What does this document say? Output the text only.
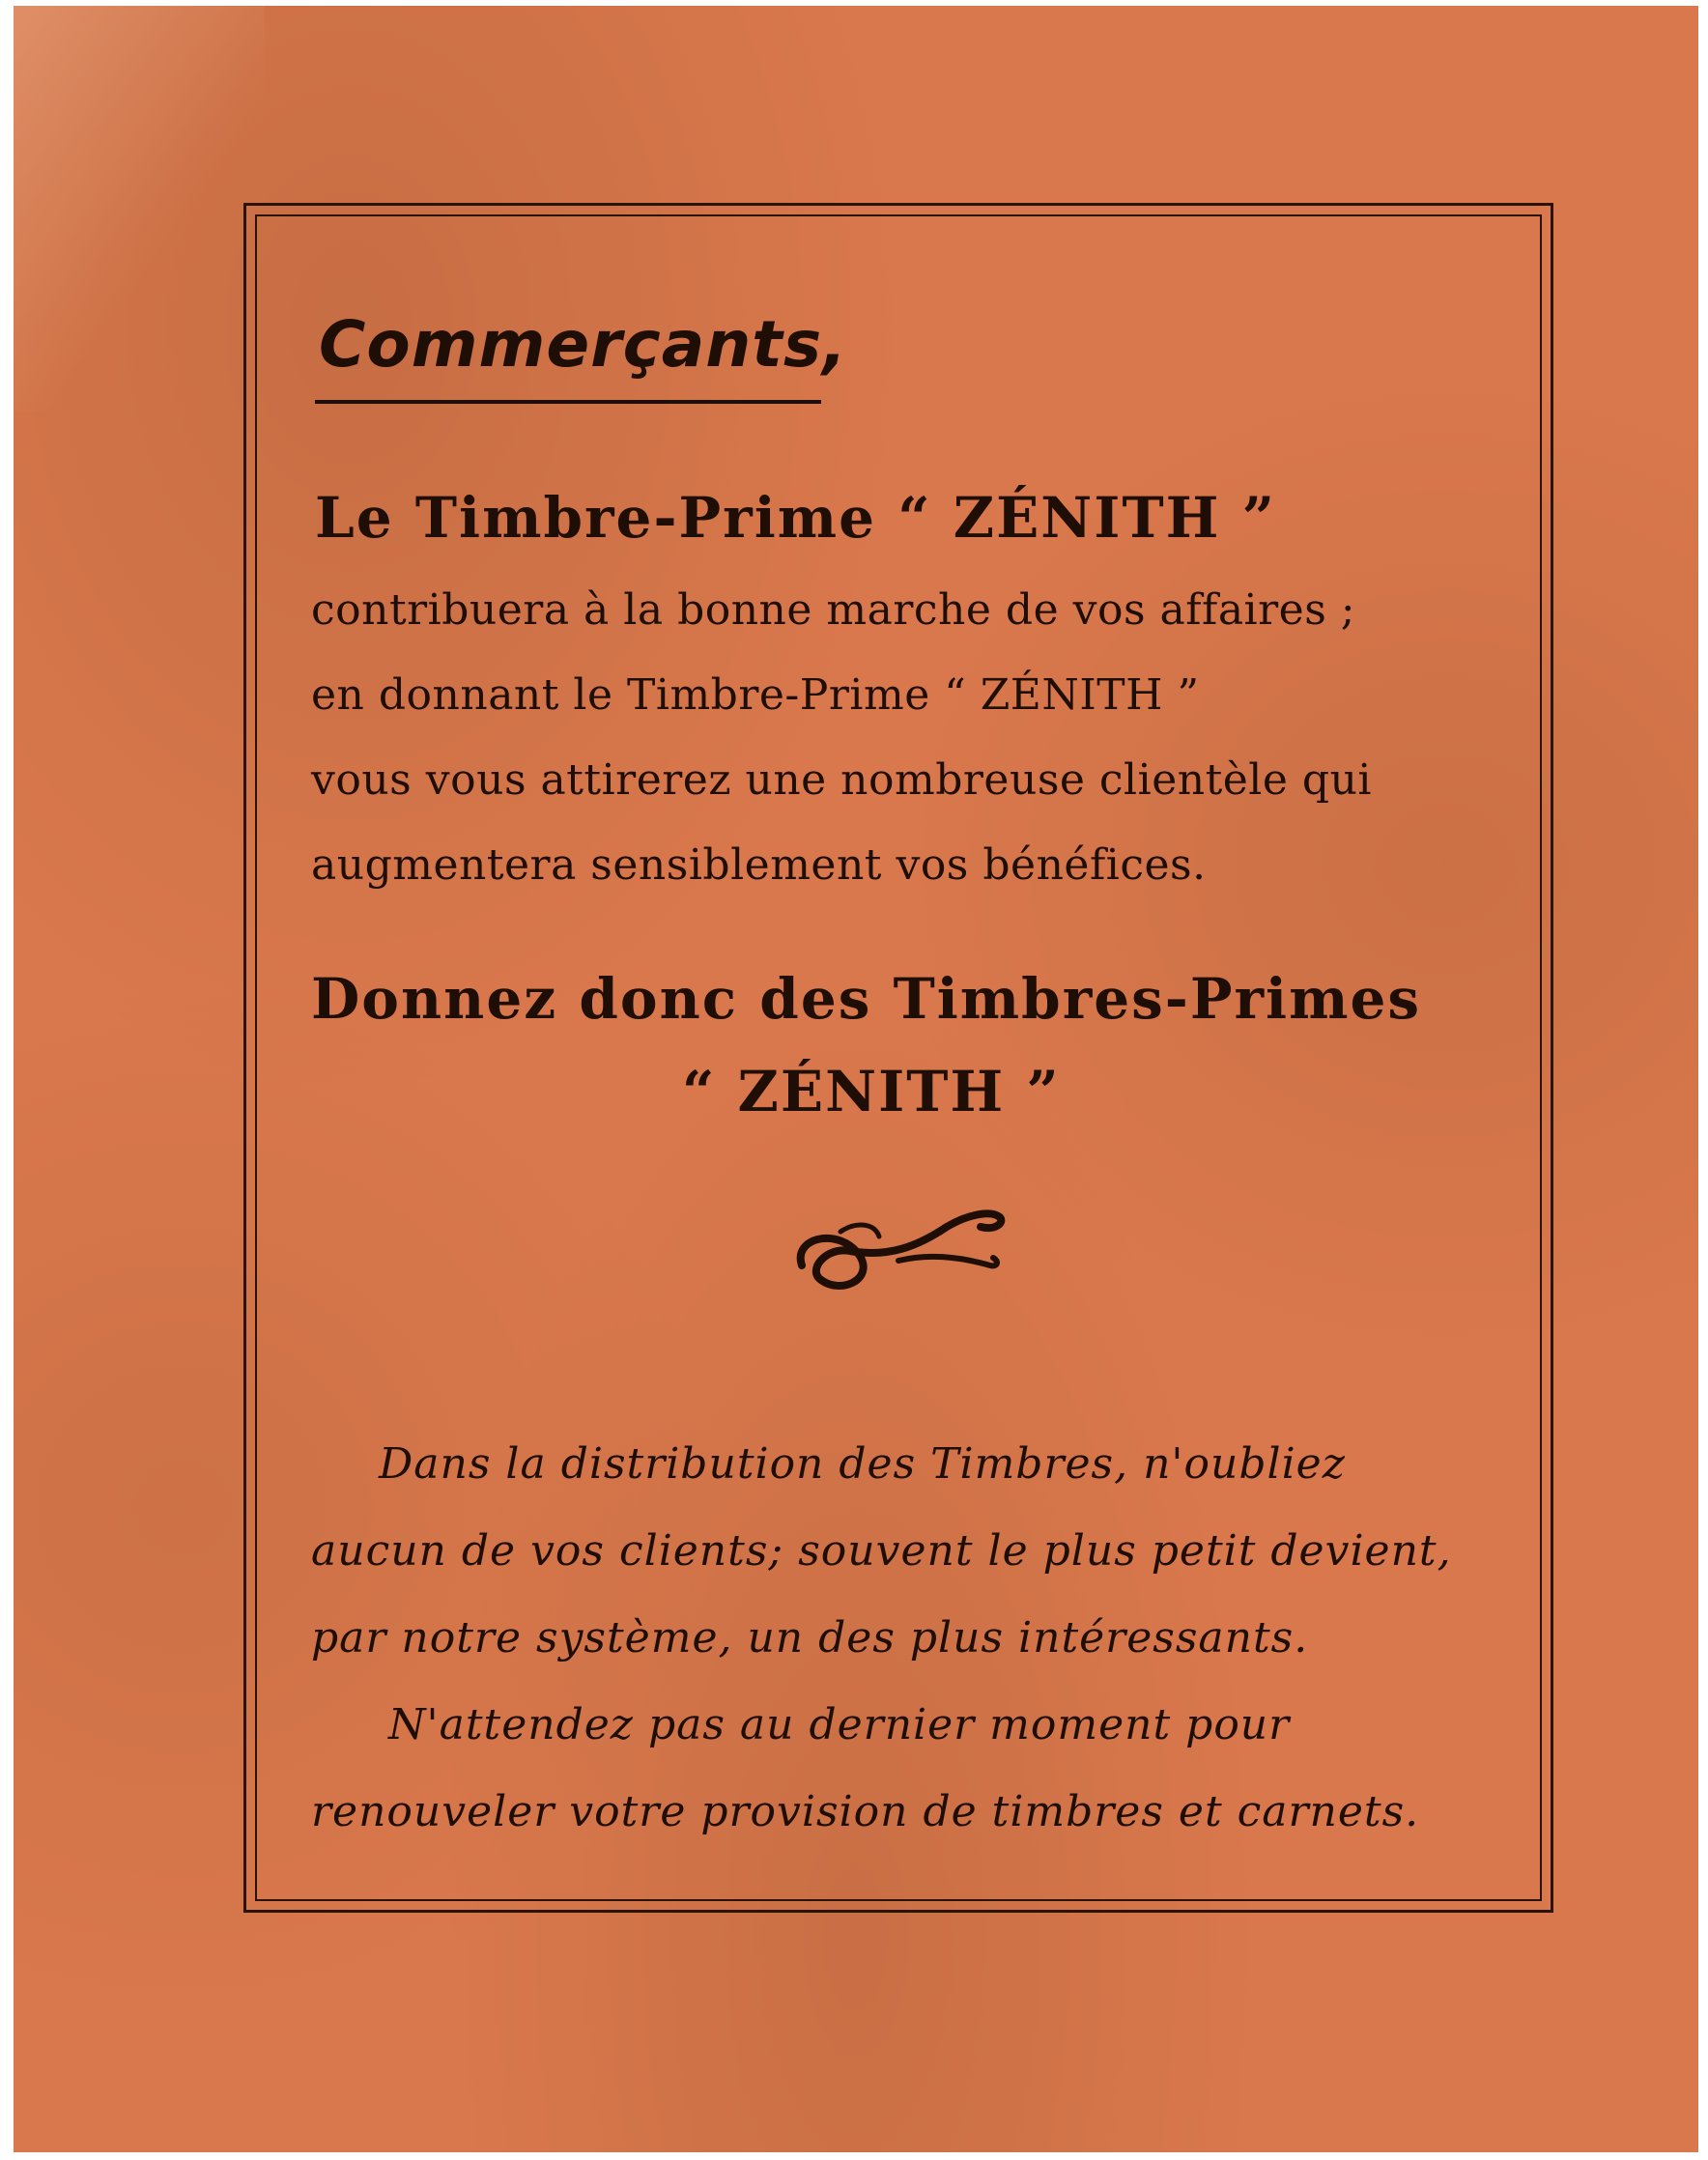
Commerçants,

Le Timbre-Prime “ ZÉNITH ”

contribuera à la bonne marche de vos affaires ;

en donnant le Timbre-Prime “ ZÉNITH ”

vous vous attirerez une nombreuse clientèle qui

augmentera sensiblement vos bénéfices.

Donnez donc des Timbres-Primes

“ ZÉNITH ”

Dans la distribution des Timbres, n'oubliez

aucun de vos clients; souvent le plus petit devient,

par notre système, un des plus intéressants.

N'attendez pas au dernier moment pour

renouveler votre provision de timbres et carnets.
